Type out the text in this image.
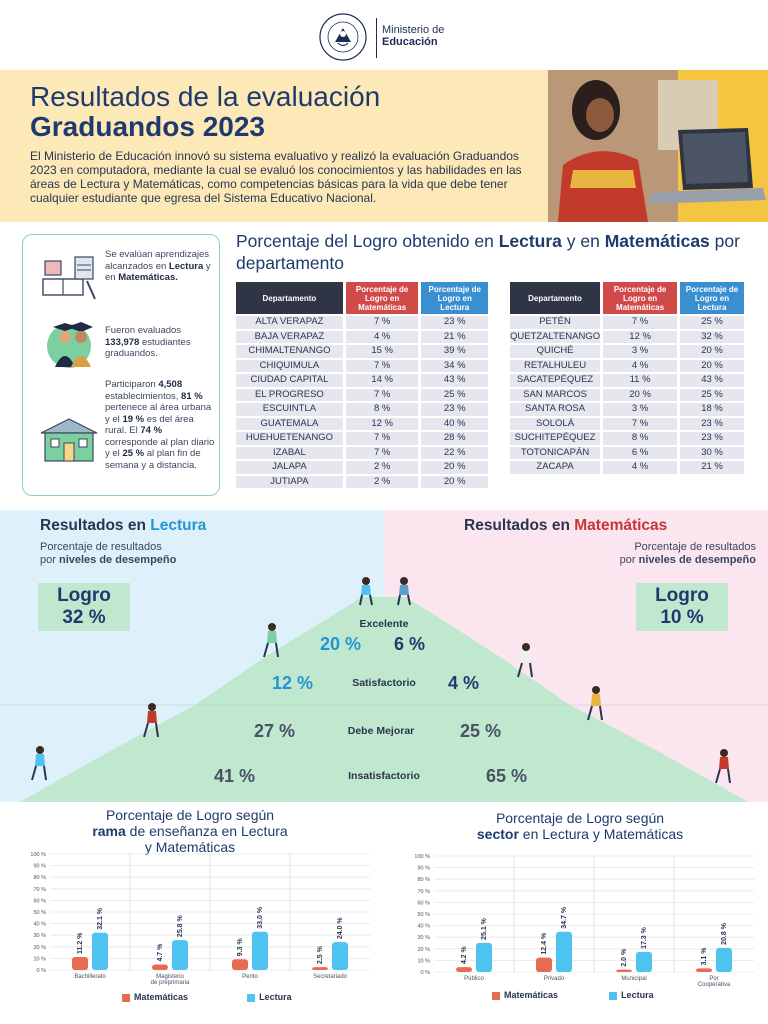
Ministerio de
Educación
Resultados de la evaluación
Graduandos 2023

El Ministerio de Educación innovó su sistema evaluativo y realizó la evaluación Graduandos 2023 en computadora, mediante la cual se evaluó los conocimientos y las habilidades en las áreas de Lectura y Matemáticas, como competencias básicas para la vida que debe tener cualquier estudiante que egresa del Sistema Educativo Nacional.

Se evalúan aprendizajes alcanzados en Lectura y en Matemáticas.
Fueron evaluados 133,978 estudiantes graduandos.
Participaron 4,508 establecimientos, 81 % pertenece al área urbana y el 19 % es del área rural. El 74 % corresponde al plan diario y el 25 % al plan fin de semana y a distancia.
Porcentaje del Logro obtenido en Lectura y en Matemáticas por departamento
Departamento	Porcentaje de Logro en Matemáticas	Porcentaje de Logro en Lectura
ALTA VERAPAZ	7 %	23 %
BAJA VERAPAZ	4 %	21 %
CHIMALTENANGO	15 %	39 %
CHIQUIMULA	7 %	34 %
CIUDAD CAPITAL	14 %	43 %
EL PROGRESO	7 %	25 %
ESCUINTLA	8 %	23 %
GUATEMALA	12 %	40 %
HUEHUETENANGO	7 %	28 %
IZABAL	7 %	22 %
JALAPA	2 %	20 %
JUTIAPA	2 %	20 %
Departamento	Porcentaje de Logro en Matemáticas	Porcentaje de Logro en Lectura
PETÉN	7 %	25 %
QUETZALTENANGO	12 %	32 %
QUICHÉ	3 %	20 %
RETALHULEU	4 %	20 %
SACATEPÉQUEZ	11 %	43 %
SAN MARCOS	20 %	25 %
SANTA ROSA	3 %	18 %
SOLOLÁ	7 %	23 %
SUCHITEPÉQUEZ	8 %	23 %
TOTONICAPÁN	6 %	30 %
ZACAPA	4 %	21 %
Resultados en Lectura	Resultados en Matemáticas
Porcentaje de resultados
por niveles de desempeño
Porcentaje de resultados
por niveles de desempeño
Logro
32 %
Logro
10 %
Excelente
20 % 6 %
Satisfactorio
12 %	4 %
Debe Mejorar
27 %	25 %
Insatisfactorio
41 %	65 %
Porcentaje de Logro según
rama de enseñanza en Lectura
y Matemáticas
Porcentaje de Logro según
sector en Lectura y Matemáticas
100 %
90 %
80 %
70 %
60 %
50 %
40 %
30 %
20 %
10 %
0 %
11.2 %
32.1 %
Bachillerato
4.7 %
25.8 %
Magisterio
de preprimaria
9.3 %
33.0 %
Perito
2.5 %
24.0 %
Secretariado
100 %
90 %
80 %
70 %
60 %
50 %
40 %
30 %
20 %
10 %
0 %
4.2 %
25.1 %
Público
12.4 %
34.7 %
Privado
2.0 %
17.3 %
Municipal
3.1 %
20.8 %
Por
Cooperativa
Matemáticas	Lectura	Matemáticas	Lectura
